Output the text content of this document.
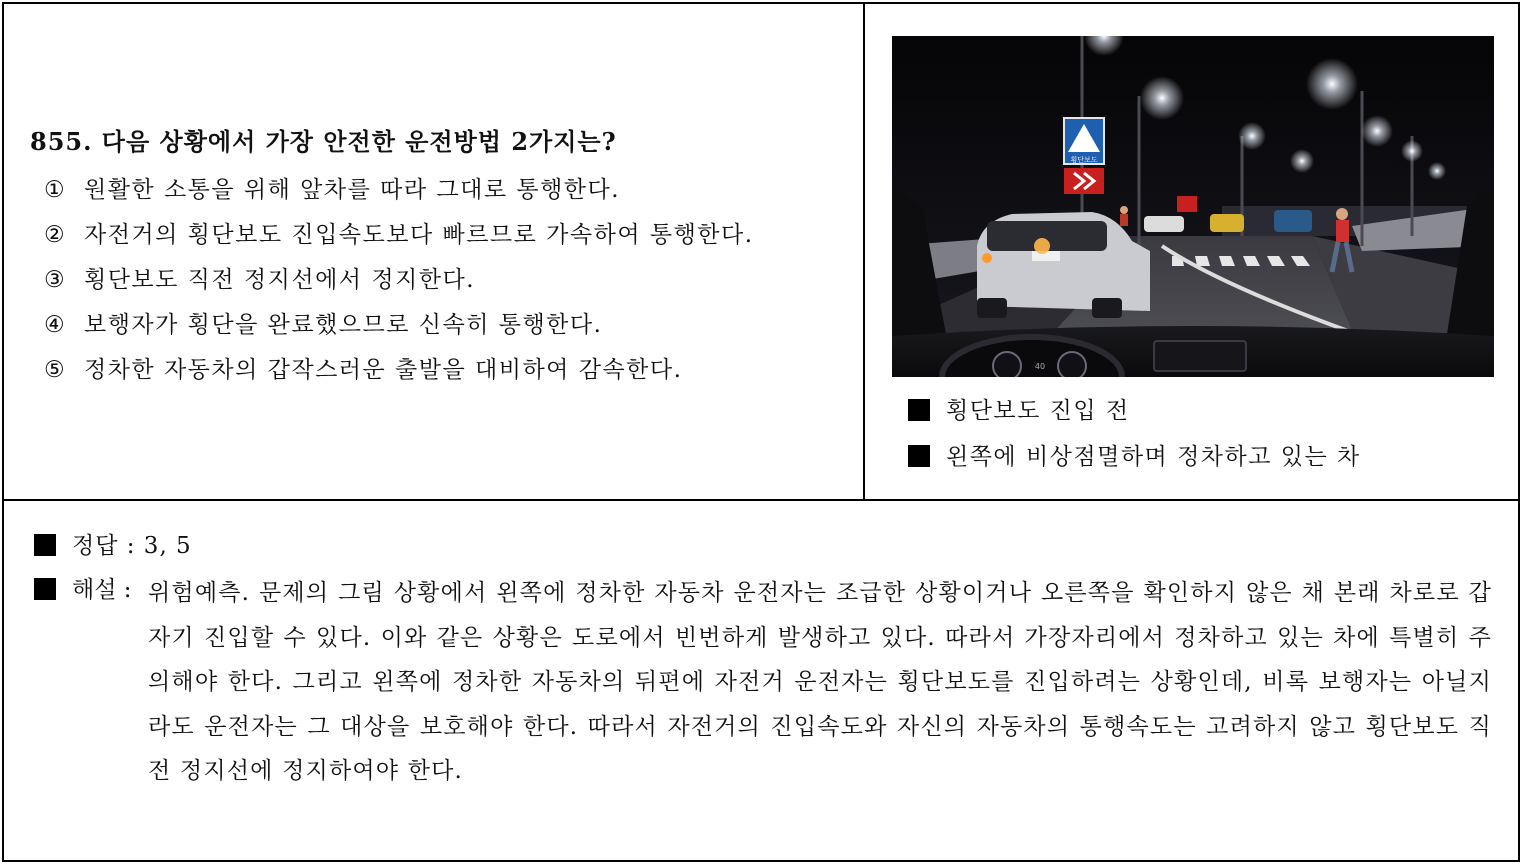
855. 다음 상황에서 가장 안전한 운전방법 2가지는?
① 원활한 소통을 위해 앞차를 따라 그대로 통행한다.
② 자전거의 횡단보도 진입속도보다 빠르므로 가속하여 통행한다.
③ 횡단보도 직전 정지선에서 정지한다.
④ 보행자가 횡단을 완료했으므로 신속히 통행한다.
⑤ 정차한 자동차의 갑작스러운 출발을 대비하여 감속한다.
횡단보도
40
횡단보도 진입 전
왼쪽에 비상점멸하며 정차하고 있는 차
정답 : 3, 5
해설 : 위험예측. 문제의 그림 상황에서 왼쪽에 정차한 자동차 운전자는 조급한 상황이거나 오른쪽을 확인하지 않은 채 본래 차로로 갑자기 진입할 수 있다. 이와 같은 상황은 도로에서 빈번하게 발생하고 있다. 따라서 가장자리에서 정차하고 있는 차에 특별히 주의해야 한다. 그리고 왼쪽에 정차한 자동차의 뒤편에 자전거 운전자는 횡단보도를 진입하려는 상황인데, 비록 보행자는 아닐지라도 운전자는 그 대상을 보호해야 한다. 따라서 자전거의 진입속도와 자신의 자동차의 통행속도는 고려하지 않고 횡단보도 직전 정지선에 정지하여야 한다.
